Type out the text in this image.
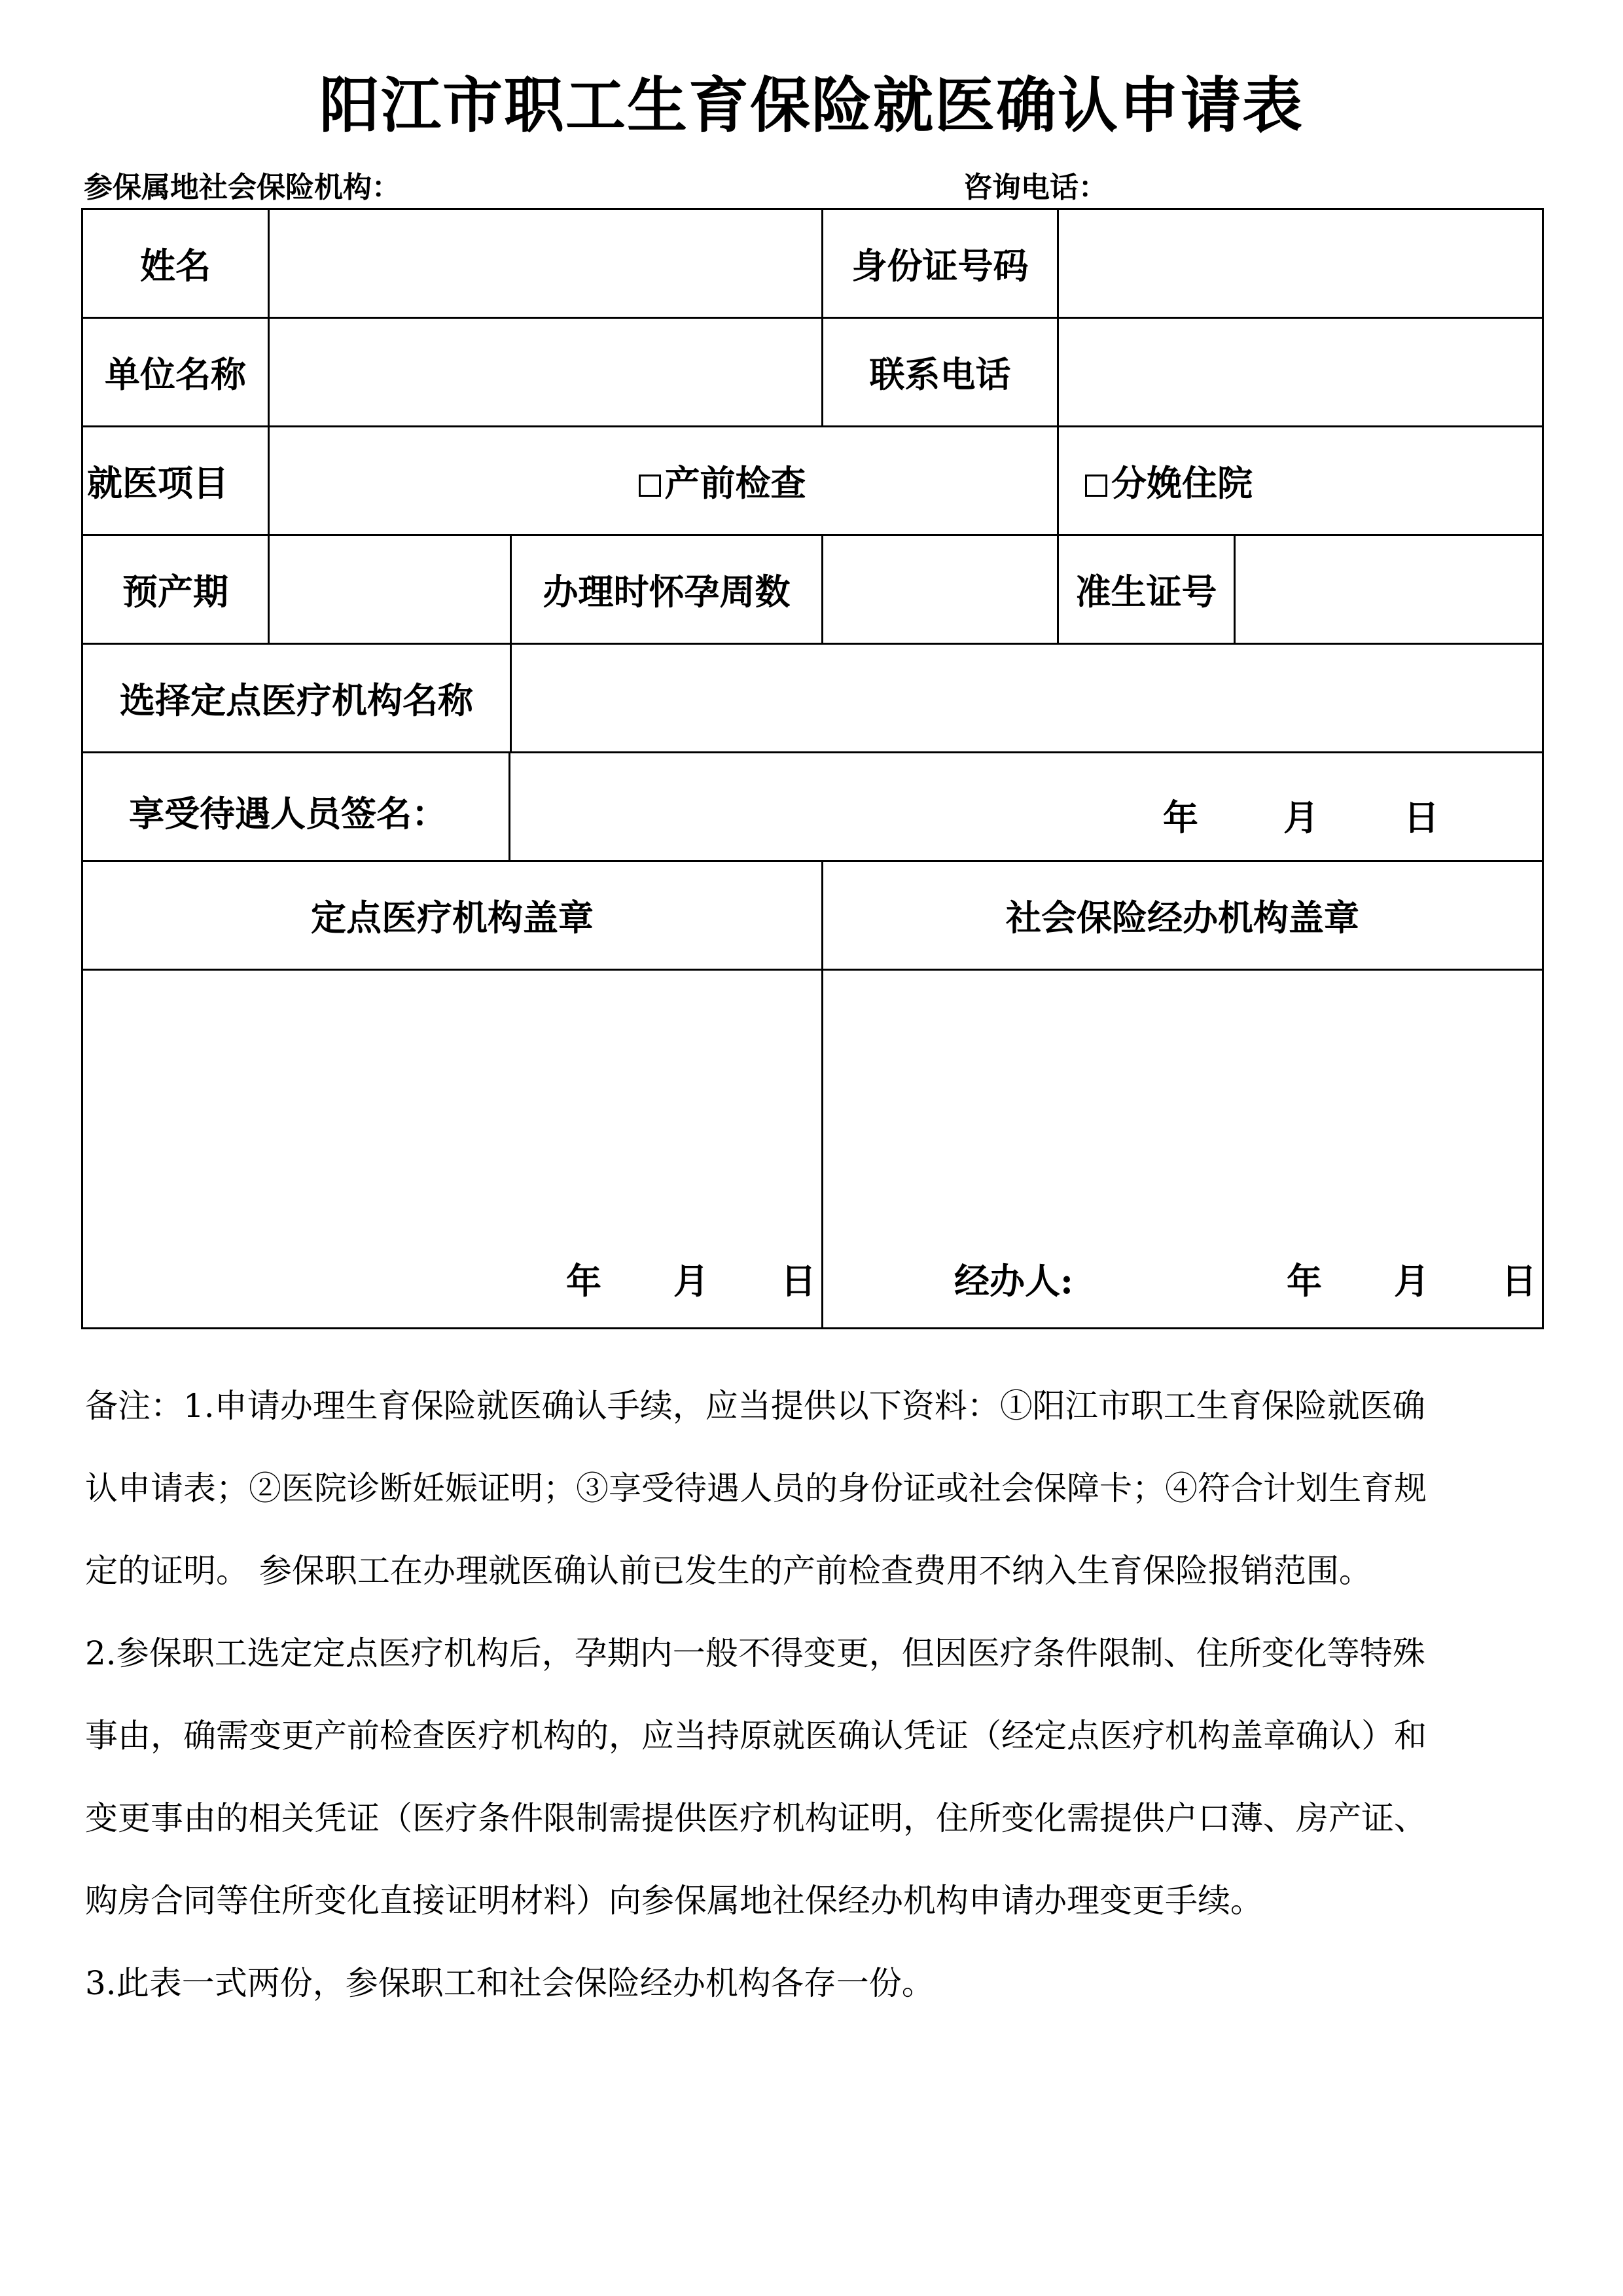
阳江市职工生育保险就医确认申请表
参保属地社会保险机构：	咨询电话：
姓名			身份证号码		
单位名称			联系电话		
就医项目	产前检查			分娩住院	
预产期		办理时怀孕周数		准生证号	
选择定点医疗机构名称					

享受待遇人员签名： 年 月 日					

定点医疗机构盖章			社会保险经办机构盖章		

年 月 日			经办人: 年 月 日		

备注：1.申请办理生育保险就医确认手续，应当提供以下资料：①阳江市职工生育保险就医确

认申请表；②医院诊断妊娠证明；③享受待遇人员的身份证或社会保障卡；④符合计划生育规

定的证明。 参保职工在办理就医确认前已发生的产前检查费用不纳入生育保险报销范围。

2.参保职工选定定点医疗机构后，孕期内一般不得变更，但因医疗条件限制、住所变化等特殊

事由，确需变更产前检查医疗机构的，应当持原就医确认凭证（经定点医疗机构盖章确认）和

变更事由的相关凭证（医疗条件限制需提供医疗机构证明，住所变化需提供户口薄、房产证、

购房合同等住所变化直接证明材料）向参保属地社保经办机构申请办理变更手续。

3.此表一式两份，参保职工和社会保险经办机构各存一份。
